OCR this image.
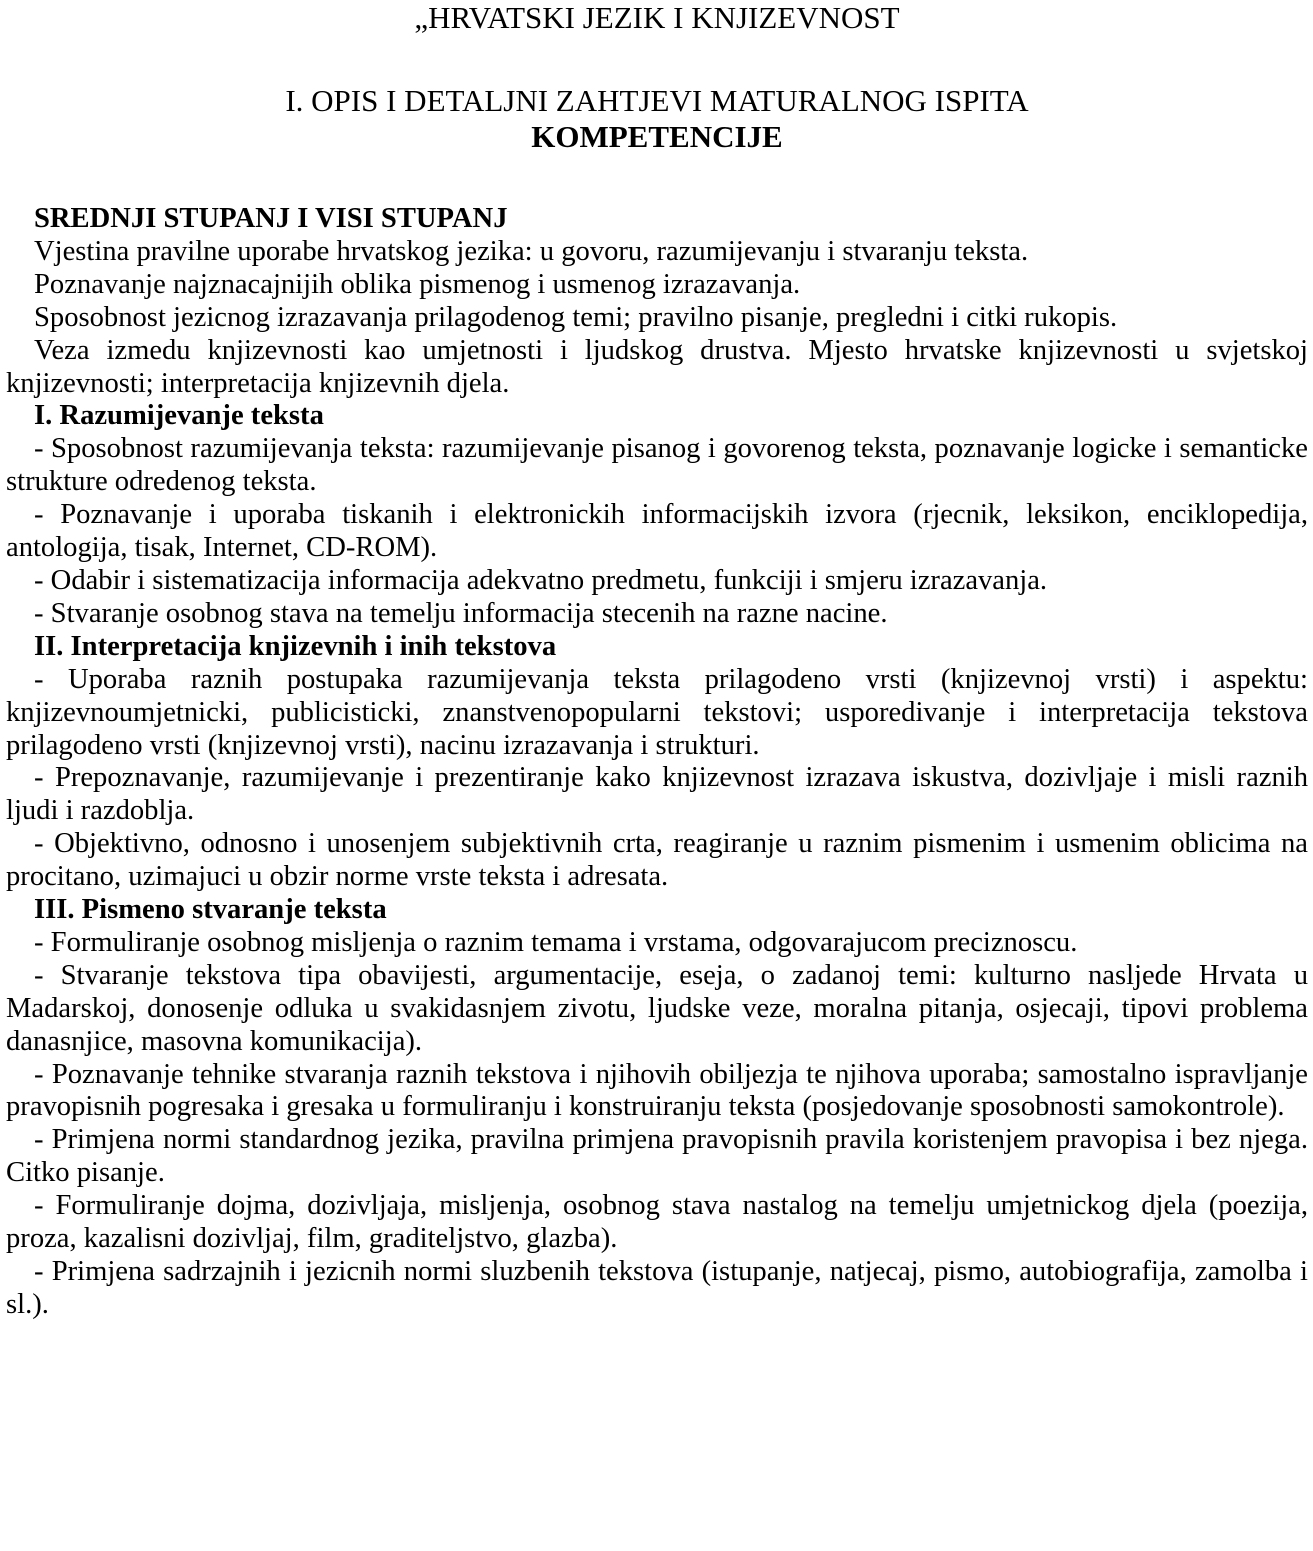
„HRVATSKI JEZIK I KNJIZEVNOST
I. OPIS I DETALJNI ZAHTJEVI MATURALNOG ISPITA
KOMPETENCIJE
SREDNJI STUPANJ I VISI STUPANJ
Vjestina pravilne uporabe hrvatskog jezika: u govoru, razumijevanju i stvaranju teksta.
Poznavanje najznacajnijih oblika pismenog i usmenog izrazavanja.
Sposobnost jezicnog izrazavanja prilagodenog temi; pravilno pisanje, pregledni i citki rukopis.
Veza izmedu knjizevnosti kao umjetnosti i ljudskog drustva. Mjesto hrvatske knjizevnosti u svjetskoj knjizevnosti; interpretacija knjizevnih djela.
I. Razumijevanje teksta
- Sposobnost razumijevanja teksta: razumijevanje pisanog i govorenog teksta, poznavanje logicke i semanticke strukture odredenog teksta.
- Poznavanje i uporaba tiskanih i elektronickih informacijskih izvora (rjecnik, leksikon, enciklopedija, antologija, tisak, Internet, CD-ROM).
- Odabir i sistematizacija informacija adekvatno predmetu, funkciji i smjeru izrazavanja.
- Stvaranje osobnog stava na temelju informacija stecenih na razne nacine.
II. Interpretacija knjizevnih i inih tekstova
- Uporaba raznih postupaka razumijevanja teksta prilagodeno vrsti (knjizevnoj vrsti) i aspektu: knjizevnoumjetnicki, publicisticki, znanstvenopopularni tekstovi; usporedivanje i interpretacija tekstova prilagodeno vrsti (knjizevnoj vrsti), nacinu izrazavanja i strukturi.
- Prepoznavanje, razumijevanje i prezentiranje kako knjizevnost izrazava iskustva, dozivljaje i misli raznih ljudi i razdoblja.
- Objektivno, odnosno i unosenjem subjektivnih crta, reagiranje u raznim pismenim i usmenim oblicima na procitano, uzimajuci u obzir norme vrste teksta i adresata.
III. Pismeno stvaranje teksta
- Formuliranje osobnog misljenja o raznim temama i vrstama, odgovarajucom preciznoscu.
- Stvaranje tekstova tipa obavijesti, argumentacije, eseja, o zadanoj temi: kulturno nasljede Hrvata u Madarskoj, donosenje odluka u svakidasnjem zivotu, ljudske veze, moralna pitanja, osjecaji, tipovi problema danasnjice, masovna komunikacija).
- Poznavanje tehnike stvaranja raznih tekstova i njihovih obiljezja te njihova uporaba; samostalno ispravljanje pravopisnih pogresaka i gresaka u formuliranju i konstruiranju teksta (posjedovanje sposobnosti samokontrole).
- Primjena normi standardnog jezika, pravilna primjena pravopisnih pravila koristenjem pravopisa i bez njega. Citko pisanje.
- Formuliranje dojma, dozivljaja, misljenja, osobnog stava nastalog na temelju umjetnickog djela (poezija, proza, kazalisni dozivljaj, film, graditeljstvo, glazba).
- Primjena sadrzajnih i jezicnih normi sluzbenih tekstova (istupanje, natjecaj, pismo, autobiografija, zamolba i sl.).
